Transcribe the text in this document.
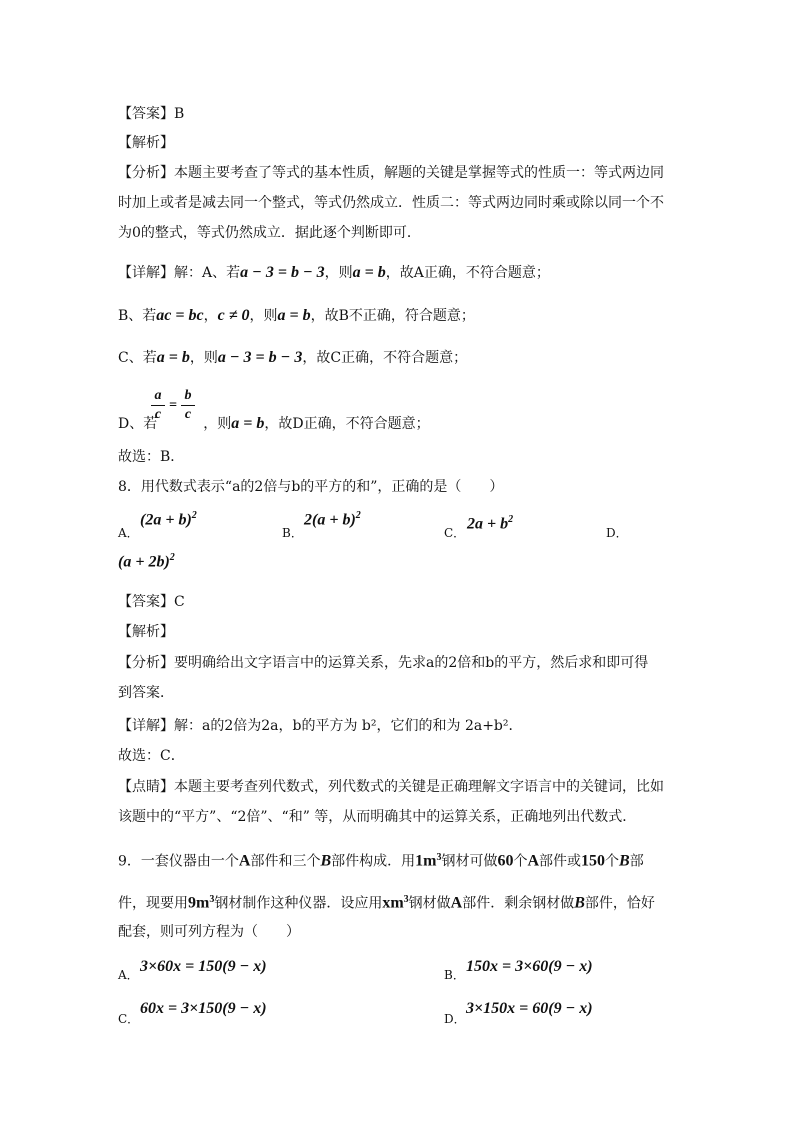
【答案】B
【解析】
【分析】本题主要考查了等式的基本性质，解题的关键是掌握等式的性质一：等式两边同
时加上或者是减去同一个整式，等式仍然成立．性质二：等式两边同时乘或除以同一个不
为0的整式，等式仍然成立．据此逐个判断即可．
【详解】解：A、若a − 3 = b − 3，则a = b，故A正确，不符合题意；
B、若ac = bc，c ≠ 0，则a = b，故B不正确，符合题意；
C、若a = b，则a − 3 = b − 3，故C正确，不符合题意；
a
c
=
b
c
D、若	，则a = b，故D正确，不符合题意；
故选：B．
8．用代数式表示“a的2倍与b的平方的和”，正确的是（　　）
A．
$(2a + b)^2$
B．
$2(a + b)^2$
C．
$2a + b^2$
D．
$(a + 2b)^2$
【答案】C
【解析】
【分析】要明确给出文字语言中的运算关系，先求a的2倍和b的平方，然后求和即可得
到答案．
【详解】解：a的2倍为2a，b的平方为 b²，它们的和为 2a+b²．
故选：C．
【点睛】本题主要考查列代数式，列代数式的关键是正确理解文字语言中的关键词，比如
该题中的“平方”、“2倍”、“和” 等，从而明确其中的运算关系，正确地列出代数式．
9．一套仪器由一个A部件和三个B部件构成．用$1m^3$钢材可做60个A部件或150个B部
件，现要用$9m^3$钢材制作这种仪器．设应用$xm^3$钢材做A部件．剩余钢材做B部件，恰好
配套，则可列方程为（　　）
A． 3×60x = 150(9 − x)	B． 150x = 3×60(9 − x)
C．
60x = 3×150(9 − x)
D．
3×150x = 60(9 − x)
